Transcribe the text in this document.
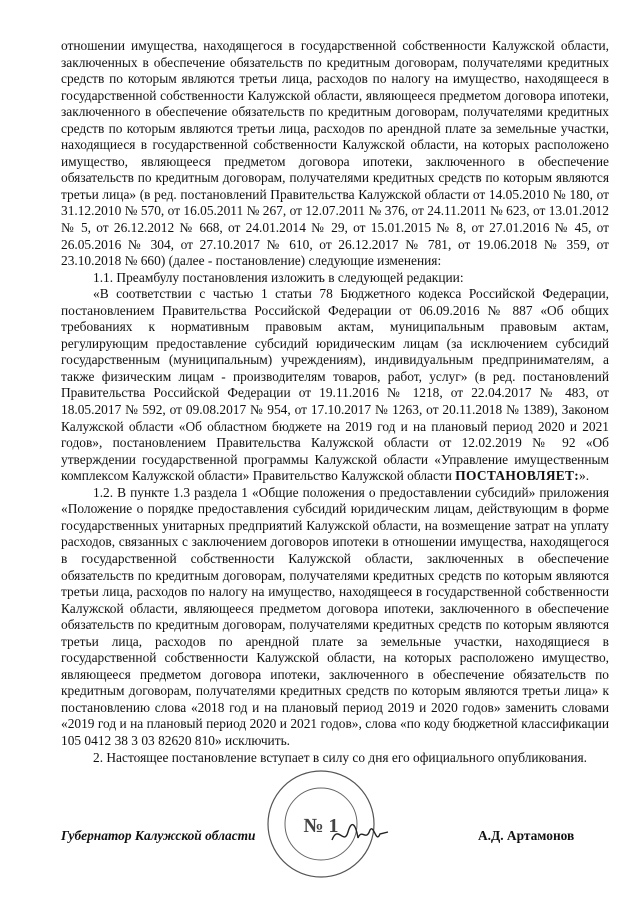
отношении имущества, находящегося в государственной собственности Калужской области, заключенных в обеспечение обязательств по кредитным договорам, получателями кредитных средств по которым являются третьи лица, расходов по налогу на имущество, находящееся в государственной собственности Калужской области, являющееся предметом договора ипотеки, заключенного в обеспечение обязательств по кредитным договорам, получателями кредитных средств по которым являются третьи лица, расходов по арендной плате за земельные участки, находящиеся в государственной собственности Калужской области, на которых расположено имущество, являющееся предметом договора ипотеки, заключенного в обеспечение обязательств по кредитным договорам, получателями кредитных средств по которым являются третьи лица» (в ред. постановлений Правительства Калужской области от 14.05.2010 № 180, от 31.12.2010 № 570, от 16.05.2011 № 267, от 12.07.2011 № 376, от 24.11.2011 № 623, от 13.01.2012 № 5, от 26.12.2012 № 668, от 24.01.2014 № 29, от 15.01.2015 № 8, от 27.01.2016 № 45, от 26.05.2016 № 304, от 27.10.2017 № 610, от 26.12.2017 № 781, от 19.06.2018 № 359, от 23.10.2018 № 660) (далее - постановление) следующие изменения:

1.1. Преамбулу постановления изложить в следующей редакции:

«В соответствии с частью 1 статьи 78 Бюджетного кодекса Российской Федерации, постановлением Правительства Российской Федерации от 06.09.2016 № 887 «Об общих требованиях к нормативным правовым актам, муниципальным правовым актам, регулирующим предоставление субсидий юридическим лицам (за исключением субсидий государственным (муниципальным) учреждениям), индивидуальным предпринимателям, а также физическим лицам - производителям товаров, работ, услуг» (в ред. постановлений Правительства Российской Федерации от 19.11.2016 № 1218, от 22.04.2017 № 483, от 18.05.2017 № 592, от 09.08.2017 № 954, от 17.10.2017 № 1263, от 20.11.2018 № 1389), Законом Калужской области «Об областном бюджете на 2019 год и на плановый период 2020 и 2021 годов», постановлением Правительства Калужской области от 12.02.2019 № 92 «Об утверждении государственной программы Калужской области «Управление имущественным комплексом Калужской области» Правительство Калужской области ПОСТАНОВЛЯЕТ:».

1.2. В пункте 1.3 раздела 1 «Общие положения о предоставлении субсидий» приложения «Положение о порядке предоставления субсидий юридическим лицам, действующим в форме государственных унитарных предприятий Калужской области, на возмещение затрат на уплату расходов, связанных с заключением договоров ипотеки в отношении имущества, находящегося в государственной собственности Калужской области, заключенных в обеспечение обязательств по кредитным договорам, получателями кредитных средств по которым являются третьи лица, расходов по налогу на имущество, находящееся в государственной собственности Калужской области, являющееся предметом договора ипотеки, заключенного в обеспечение обязательств по кредитным договорам, получателями кредитных средств по которым являются третьи лица, расходов по арендной плате за земельные участки, находящиеся в государственной собственности Калужской области, на которых расположено имущество, являющееся предметом договора ипотеки, заключенного в обеспечение обязательств по кредитным договорам, получателями кредитных средств по которым являются третьи лица» к постановлению слова «2018 год и на плановый период 2019 и 2020 годов» заменить словами «2019 год и на плановый период 2020 и 2021 годов», слова «по коду бюджетной классификации 105 0412 38 3 03 82620 810» исключить.

2. Настоящее постановление вступает в силу со дня его официального опубликования.

№ 1
Губернатор Калужской области	А.Д. Артамонов
